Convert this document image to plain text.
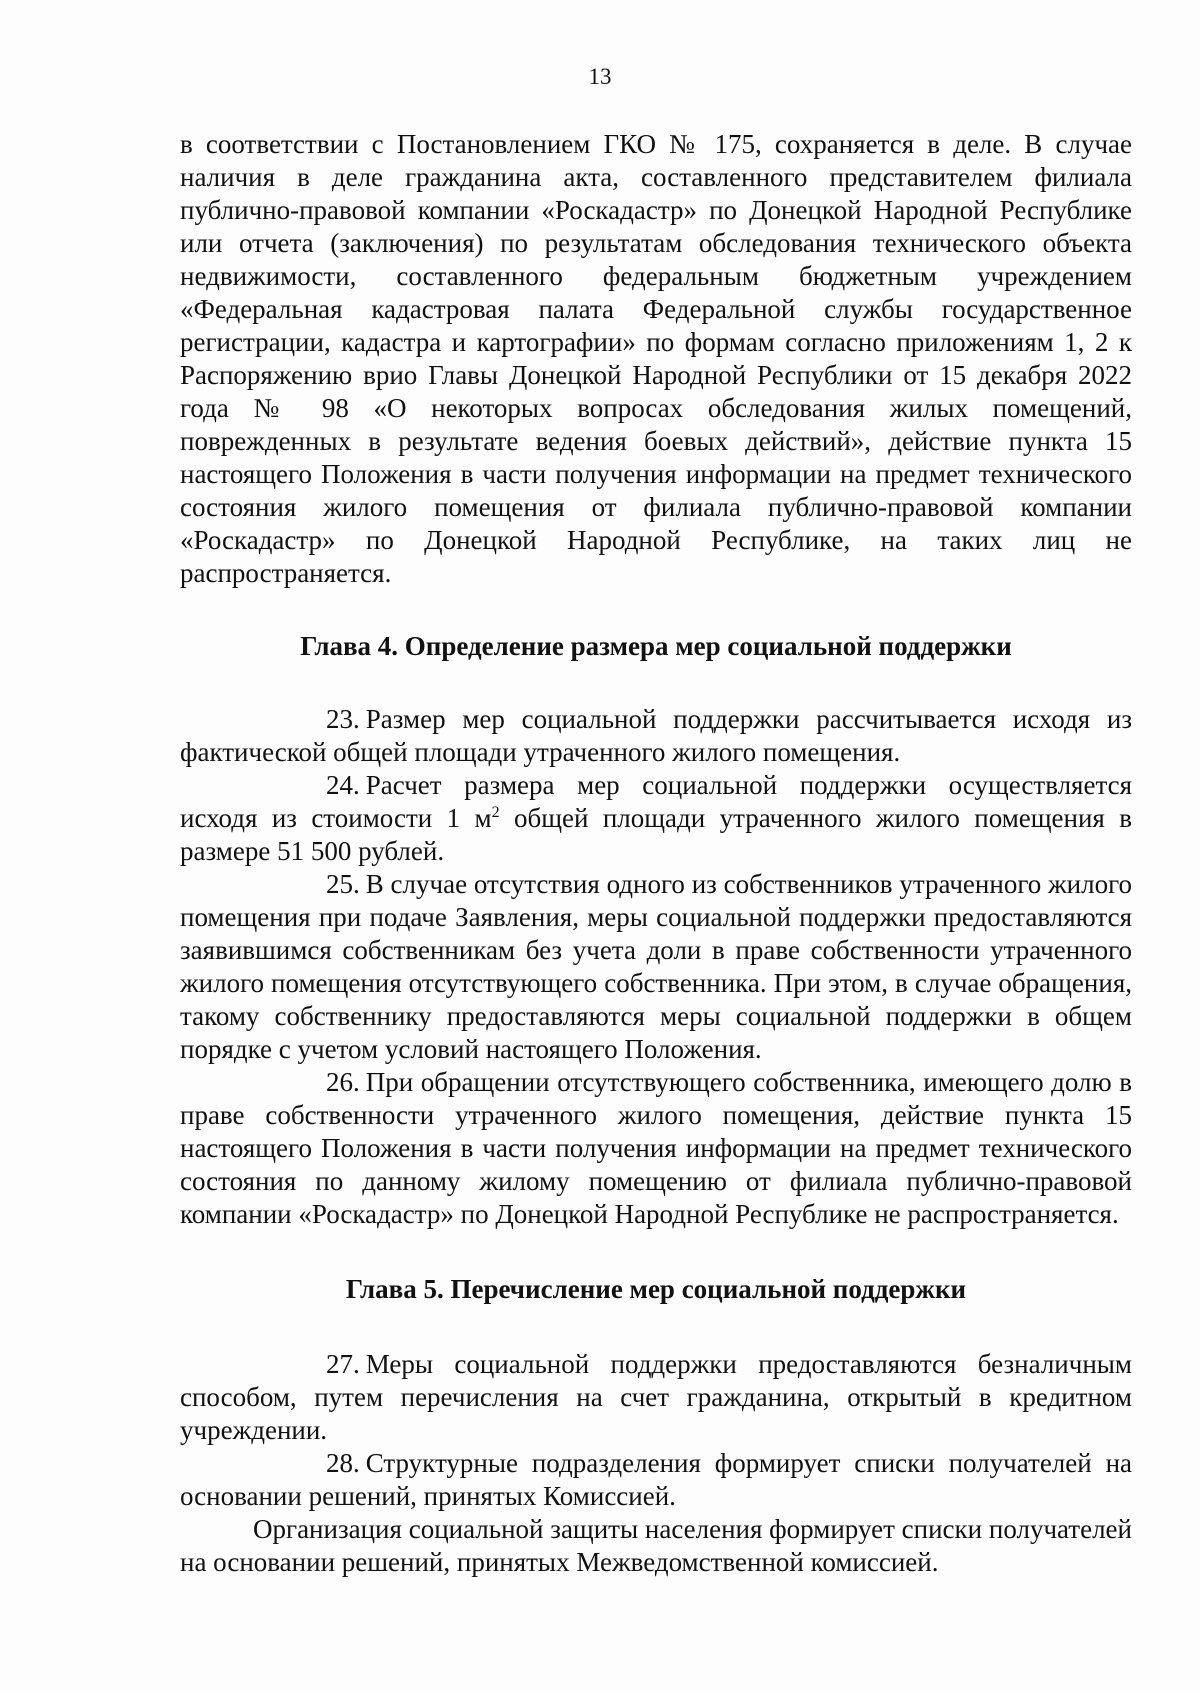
13

в соответствии с Постановлением ГКО № 175, сохраняется в деле. В случае наличия в деле гражданина акта, составленного представителем филиала публично-правовой компании «Роскадастр» по Донецкой Народной Республике или отчета (заключения) по результатам обследования технического объекта недвижимости, составленного федеральным бюджетным учреждением «Федеральная кадастровая палата Федеральной службы государственное регистрации, кадастра и картографии» по формам согласно приложениям 1, 2 к Распоряжению врио Главы Донецкой Народной Республики от 15 декабря 2022 года № 98 «О некоторых вопросах обследования жилых помещений, поврежденных в результате ведения боевых действий», действие пункта 15 настоящего Положения в части получения информации на предмет технического состояния жилого помещения от филиала публично-правовой компании «Роскадастр» по Донецкой Народной Республике, на таких лиц не распространяется.

Глава 4. Определение размера мер социальной поддержки

23. Размер мер социальной поддержки рассчитывается исходя из фактической общей площади утраченного жилого помещения.

24. Расчет размера мер социальной поддержки осуществляется исходя из стоимости 1 $м^2$ общей площади утраченного жилого помещения в размере 51 500 рублей.

25. В случае отсутствия одного из собственников утраченного жилого помещения при подаче Заявления, меры социальной поддержки предоставляются заявившимся собственникам без учета доли в праве собственности утраченного жилого помещения отсутствующего собственника. При этом, в случае обращения, такому собственнику предоставляются меры социальной поддержки в общем порядке с учетом условий настоящего Положения.

26. При обращении отсутствующего собственника, имеющего долю в праве собственности утраченного жилого помещения, действие пункта 15 настоящего Положения в части получения информации на предмет технического состояния по данному жилому помещению от филиала публично-правовой компании «Роскадастр» по Донецкой Народной Республике не распространяется.

Глава 5. Перечисление мер социальной поддержки

27. Меры социальной поддержки предоставляются безналичным способом, путем перечисления на счет гражданина, открытый в кредитном учреждении.

28. Структурные подразделения формирует списки получателей на основании решений, принятых Комиссией.

Организация социальной защиты населения формирует списки получателей на основании решений, принятых Межведомственной комиссией.
